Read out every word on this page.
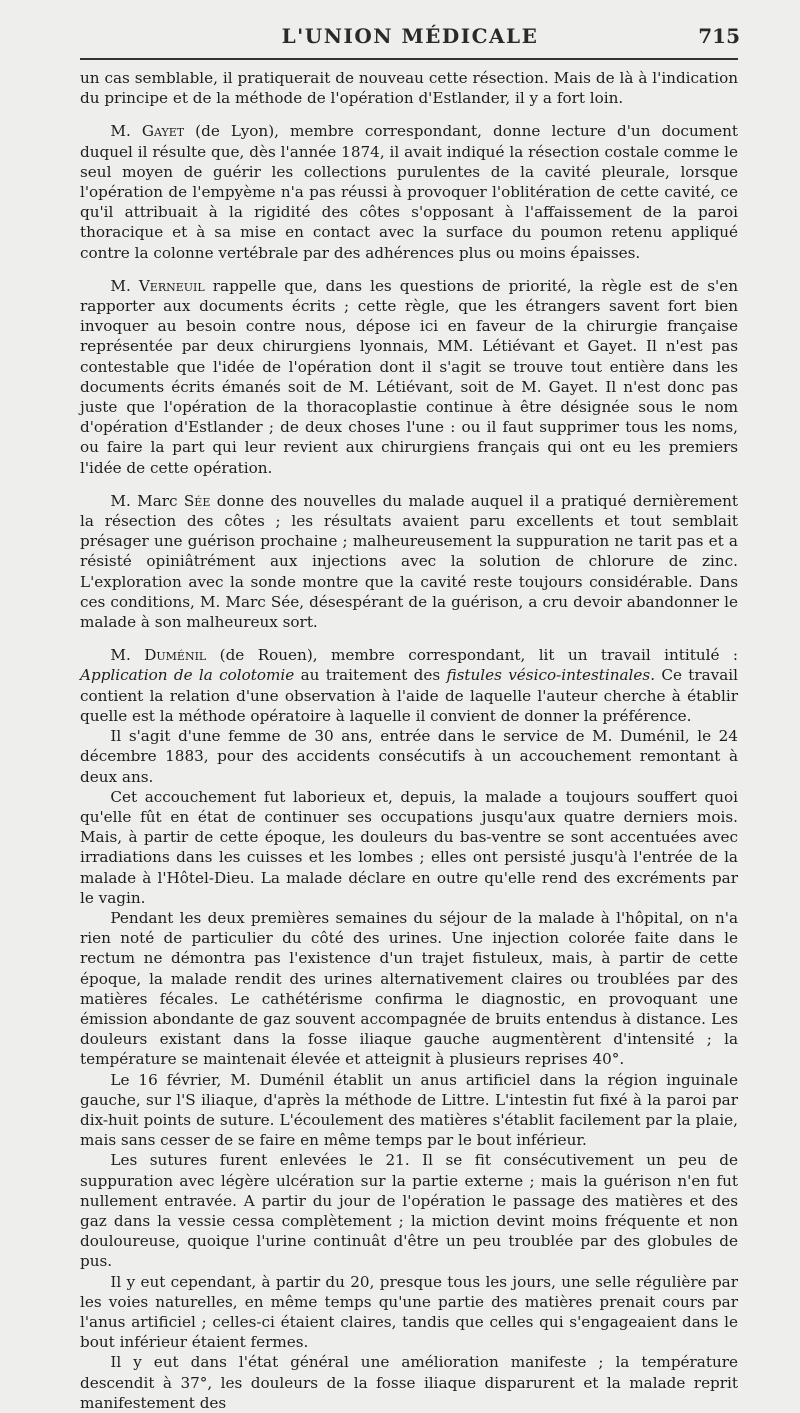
L'UNION MÉDICALE	715

un cas semblable, il pratiquerait de nouveau cette résection. Mais de là à l'indication du principe et de la méthode de l'opération d'Estlander, il y a fort loin.

M. Gayet (de Lyon), membre correspondant, donne lecture d'un document duquel il résulte que, dès l'année 1874, il avait indiqué la résection costale comme le seul moyen de guérir les collections purulentes de la cavité pleurale, lorsque l'opération de l'empyème n'a pas réussi à provoquer l'oblitération de cette cavité, ce qu'il attribuait à la rigidité des côtes s'opposant à l'affaissement de la paroi thoracique et à sa mise en contact avec la surface du poumon retenu appliqué contre la colonne vertébrale par des adhérences plus ou moins épaisses.

M. Verneuil rappelle que, dans les questions de priorité, la règle est de s'en rapporter aux documents écrits ; cette règle, que les étrangers savent fort bien invoquer au besoin contre nous, dépose ici en faveur de la chirurgie française représentée par deux chirurgiens lyonnais, MM. Létiévant et Gayet. Il n'est pas contestable que l'idée de l'opération dont il s'agit se trouve tout entière dans les documents écrits émanés soit de M. Létiévant, soit de M. Gayet. Il n'est donc pas juste que l'opération de la thoracoplastie continue à être désignée sous le nom d'opération d'Estlander ; de deux choses l'une : ou il faut supprimer tous les noms, ou faire la part qui leur revient aux chirurgiens français qui ont eu les premiers l'idée de cette opération.

M. Marc Sée donne des nouvelles du malade auquel il a pratiqué dernièrement la résection des côtes ; les résultats avaient paru excellents et tout semblait présager une guérison prochaine ; malheureusement la suppuration ne tarit pas et a résisté opiniâtrément aux injections avec la solution de chlorure de zinc. L'exploration avec la sonde montre que la cavité reste toujours considérable. Dans ces conditions, M. Marc Sée, désespérant de la guérison, a cru devoir abandonner le malade à son malheureux sort.

M. Duménil (de Rouen), membre correspondant, lit un travail intitulé : Application de la colotomie au traitement des fistules vésico-intestinales. Ce travail contient la relation d'une observation à l'aide de laquelle l'auteur cherche à établir quelle est la méthode opératoire à laquelle il convient de donner la préférence.

Il s'agit d'une femme de 30 ans, entrée dans le service de M. Duménil, le 24 décembre 1883, pour des accidents consécutifs à un accouchement remontant à deux ans.

Cet accouchement fut laborieux et, depuis, la malade a toujours souffert quoi qu'elle fût en état de continuer ses occupations jusqu'aux quatre derniers mois. Mais, à partir de cette époque, les douleurs du bas-ventre se sont accentuées avec irradiations dans les cuisses et les lombes ; elles ont persisté jusqu'à l'entrée de la malade à l'Hôtel-Dieu. La malade déclare en outre qu'elle rend des excréments par le vagin.

Pendant les deux premières semaines du séjour de la malade à l'hôpital, on n'a rien noté de particulier du côté des urines. Une injection colorée faite dans le rectum ne démontra pas l'existence d'un trajet fistuleux, mais, à partir de cette époque, la malade rendit des urines alternativement claires ou troublées par des matières fécales. Le cathétérisme confirma le diagnostic, en provoquant une émission abondante de gaz souvent accompagnée de bruits entendus à distance. Les douleurs existant dans la fosse iliaque gauche augmentèrent d'intensité ; la température se maintenait élevée et atteignit à plusieurs reprises 40°.

Le 16 février, M. Duménil établit un anus artificiel dans la région inguinale gauche, sur l'S iliaque, d'après la méthode de Littre. L'intestin fut fixé à la paroi par dix-huit points de suture. L'écoulement des matières s'établit facilement par la plaie, mais sans cesser de se faire en même temps par le bout inférieur.

Les sutures furent enlevées le 21. Il se fit consécutivement un peu de suppuration avec légère ulcération sur la partie externe ; mais la guérison n'en fut nullement entravée. A partir du jour de l'opération le passage des matières et des gaz dans la vessie cessa complètement ; la miction devint moins fréquente et non douloureuse, quoique l'urine continuât d'être un peu troublée par des globules de pus.

Il y eut cependant, à partir du 20, presque tous les jours, une selle régulière par les voies naturelles, en même temps qu'une partie des matières prenait cours par l'anus artificiel ; celles-ci étaient claires, tandis que celles qui s'engageaient dans le bout inférieur étaient fermes.

Il y eut dans l'état général une amélioration manifeste ; la température descendit à 37°, les douleurs de la fosse iliaque disparurent et la malade reprit manifestement des
